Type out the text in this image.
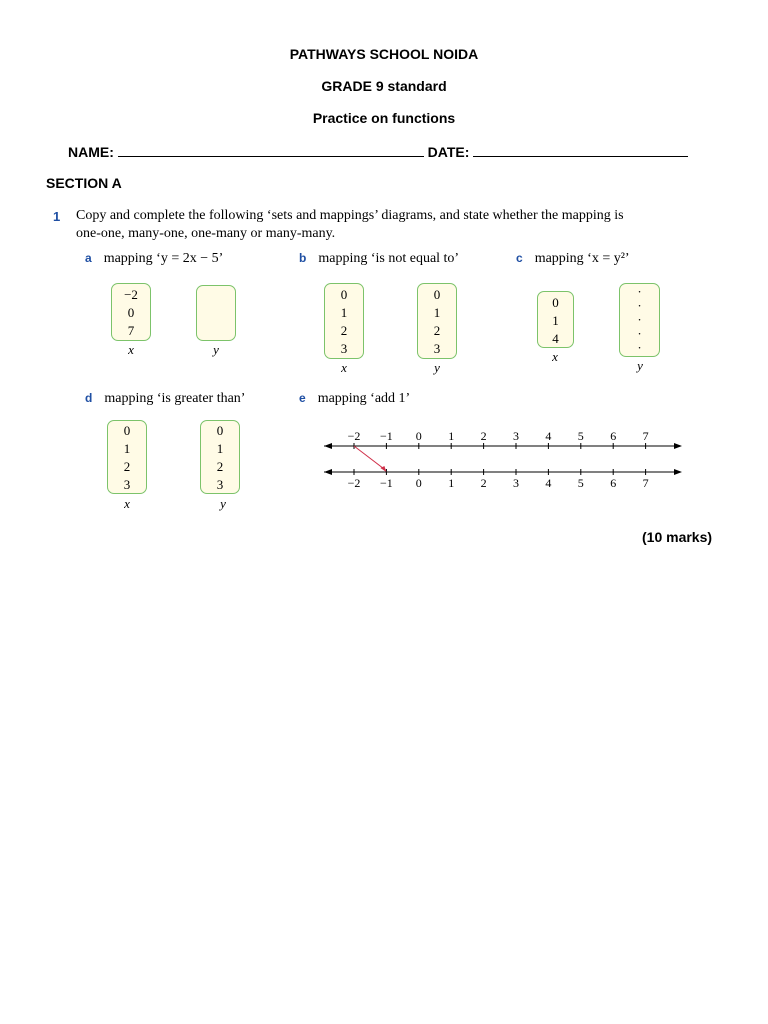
PATHWAYS SCHOOL NOIDA
GRADE 9 standard
Practice on functions
NAME:	DATE:
SECTION A
1 Copy and complete the following ‘sets and mappings’ diagrams, and state whether the mapping is
one-one, many-one, one-many or many-many.
a mapping ‘y = 2x − 5’
−2
0
7
x	y
b mapping ‘is not equal to’
0
1
2
3
x
0
1
2
3
y
c mapping ‘x = y²’
0
1
4
x
·
·
·
·
·
y
d mapping ‘is greater than’
0
1
2
3
x
0
1
2
3
y
e mapping ‘add 1’
−2 −1 0 1 2 3 4 5 6 7
−2 −1 0 1 2 3 4 5 6 7
(10 marks)
